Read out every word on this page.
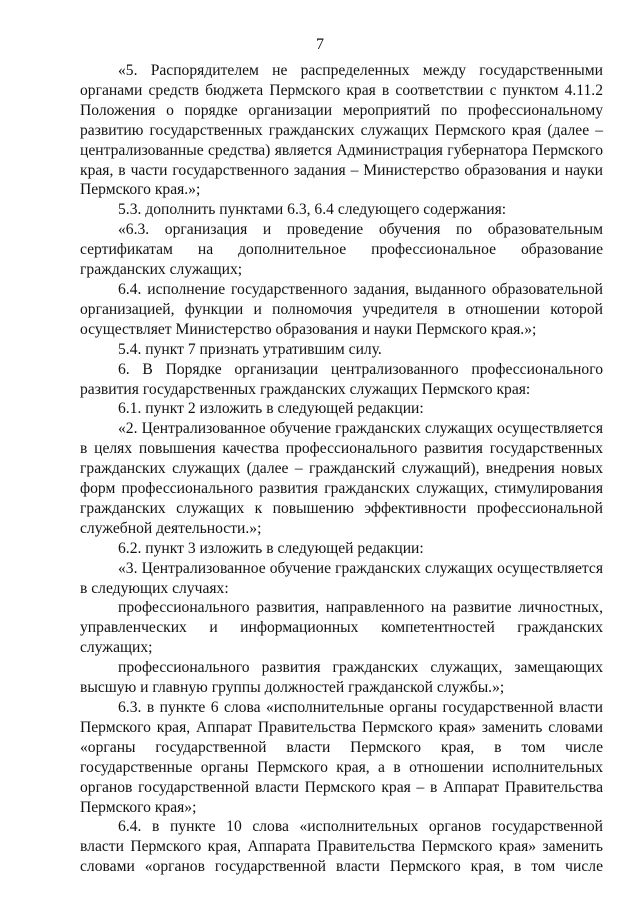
7

«5. Распорядителем не распределенных между государственными органами средств бюджета Пермского края в соответствии с пунктом 4.11.2 Положения о порядке организации мероприятий по профессиональному развитию государственных гражданских служащих Пермского края (далее – централизованные средства) является Администрация губернатора Пермского края, в части государственного задания – Министерство образования и науки Пермского края.»;

5.3. дополнить пунктами 6.3, 6.4 следующего содержания:

«6.3. организация и проведение обучения по образовательным сертификатам на дополнительное профессиональное образование гражданских служащих;

6.4. исполнение государственного задания, выданного образовательной организацией, функции и полномочия учредителя в отношении которой осуществляет Министерство образования и науки Пермского края.»;

5.4. пункт 7 признать утратившим силу.

6. В Порядке организации централизованного профессионального развития государственных гражданских служащих Пермского края:

6.1. пункт 2 изложить в следующей редакции:

«2. Централизованное обучение гражданских служащих осуществляется в целях повышения качества профессионального развития государственных гражданских служащих (далее – гражданский служащий), внедрения новых форм профессионального развития гражданских служащих, стимулирования гражданских служащих к повышению эффективности профессиональной служебной деятельности.»;

6.2. пункт 3 изложить в следующей редакции:

«3. Централизованное обучение гражданских служащих осуществляется в следующих случаях:

профессионального развития, направленного на развитие личностных, управленческих и информационных компетентностей гражданских служащих;

профессионального развития гражданских служащих, замещающих высшую и главную группы должностей гражданской службы.»;

6.3. в пункте 6 слова «исполнительные органы государственной власти Пермского края, Аппарат Правительства Пермского края» заменить словами «органы государственной власти Пермского края, в том числе государственные органы Пермского края, а в отношении исполнительных органов государственной власти Пермского края – в Аппарат Правительства Пермского края»;

6.4. в пункте 10 слова «исполнительных органов государственной власти Пермского края, Аппарата Правительства Пермского края» заменить словами «органов государственной власти Пермского края, в том числе
